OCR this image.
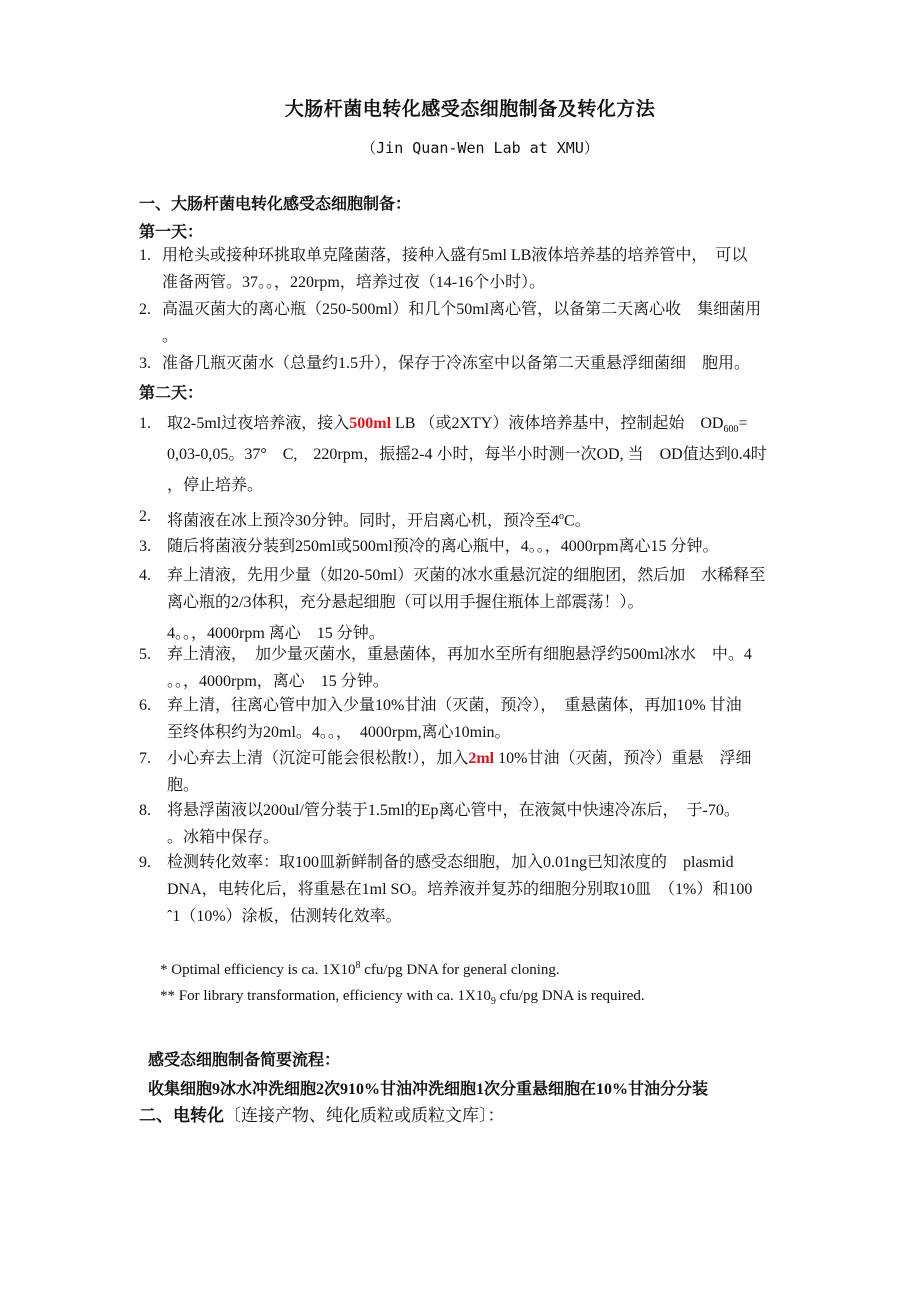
大肠杆菌电转化感受态细胞制备及转化方法
（Jin Quan-Wen Lab at XMU）
一、大肠杆菌电转化感受态细胞制备：
第一天：
1. 用枪头或接种环挑取单克隆菌落，接种入盛有5ml LB液体培养基的培养管中，　可以
准备两管。37。。，220rpm，培养过夜（14-16个小时）。
2. 高温灭菌大的离心瓶（250-500ml）和几个50ml离心管，以备第二天离心收　集细菌用
。
3. 准备几瓶灭菌水（总量约1.5升），保存于冷冻室中以备第二天重悬浮细菌细　胞用。
第二天：
1. 取2-5ml过夜培养液，接入500ml LB （或2XTY）液体培养基中，控制起始　$OD_{600}=$
0,03-0,05。37°　C,　220rpm，振摇2-4 小时，每半小时测一次OD, 当　OD值达到0.4时
，停止培养。
2. 将菌液在冰上预冷30分钟。同时，开启离心机，预冷至4$^o$C。
3. 随后将菌液分装到250ml或500ml预冷的离心瓶中，4。。，4000rpm离心15 分钟。
4. 弃上清液，先用少量（如20-50ml）灭菌的冰水重悬沉淀的细胞团，然后加　水稀释至
离心瓶的2/3体积，充分悬起细胞（可以用手握住瓶体上部震荡！）。
4。。，4000rpm 离心　15 分钟。
5. 弃上清液，　加少量灭菌水，重悬菌体，再加水至所有细胞悬浮约500ml冰水　中。4
。。，4000rpm，离心　15 分钟。
6. 弃上清，往离心管中加入少量10%甘油（灭菌，预冷），　重悬菌体，再加10% 甘油
至终体积约为20ml。4。。，　4000rpm,离心10min。
7. 小心弃去上清（沉淀可能会很松散!），加入2ml 10%甘油（灭菌，预冷）重悬　浮细
胞。
8. 将悬浮菌液以200ul/管分装于1.5ml的Ep离心管中，在液氮中快速冷冻后，　于-70。
。冰箱中保存。
9. 检测转化效率：取100皿新鲜制备的感受态细胞，加入0.01ng已知浓度的　plasmid
DNA，电转化后，将重悬在1ml SO。培养液并复苏的细胞分别取10皿　（1%）和100
ˆ1（10%）涂板，估测转化效率。
* Optimal efficiency is ca. $1X10^8$ cfu/pg DNA for general cloning.
** For library transformation, efficiency with ca. $1X10_9$ cfu/pg DNA is required.
感受态细胞制备简要流程：
收集细胞9冰水冲洗细胞2次910%甘油冲洗细胞1次分重悬细胞在10%甘油分分装
二、电转化〔连接产物、纯化质粒或质粒文库〕：
